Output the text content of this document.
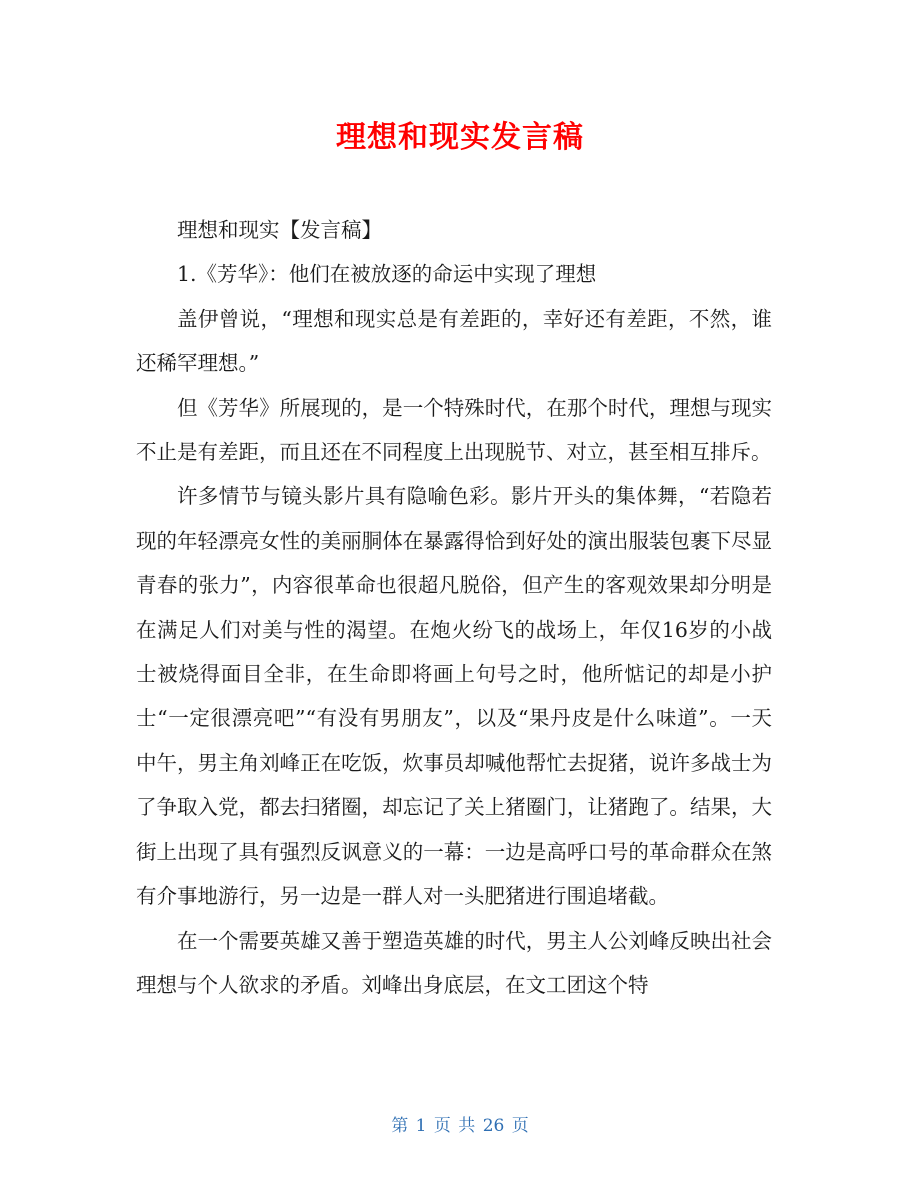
理想和现实发言稿

理想和现实【发言稿】

1.《芳华》：他们在被放逐的命运中实现了理想

盖伊曾说，“理想和现实总是有差距的，幸好还有差距，不然，谁还稀罕理想。”

但《芳华》所展现的，是一个特殊时代，在那个时代，理想与现实不止是有差距，而且还在不同程度上出现脱节、对立，甚至相互排斥。

许多情节与镜头影片具有隐喻色彩。影片开头的集体舞，“若隐若现的年轻漂亮女性的美丽胴体在暴露得恰到好处的演出服装包裹下尽显青春的张力”，内容很革命也很超凡脱俗，但产生的客观效果却分明是在满足人们对美与性的渴望。在炮火纷飞的战场上，年仅16岁的小战士被烧得面目全非，在生命即将画上句号之时，他所惦记的却是小护士“一定很漂亮吧”“有没有男朋友”，以及“果丹皮是什么味道”。一天中午，男主角刘峰正在吃饭，炊事员却喊他帮忙去捉猪，说许多战士为了争取入党，都去扫猪圈，却忘记了关上猪圈门，让猪跑了。结果，大街上出现了具有强烈反讽意义的一幕：一边是高呼口号的革命群众在煞有介事地游行，另一边是一群人对一头肥猪进行围追堵截。

在一个需要英雄又善于塑造英雄的时代，男主人公刘峰反映出社会理想与个人欲求的矛盾。刘峰出身底层，在文工团这个特

第 1 页 共 26 页
